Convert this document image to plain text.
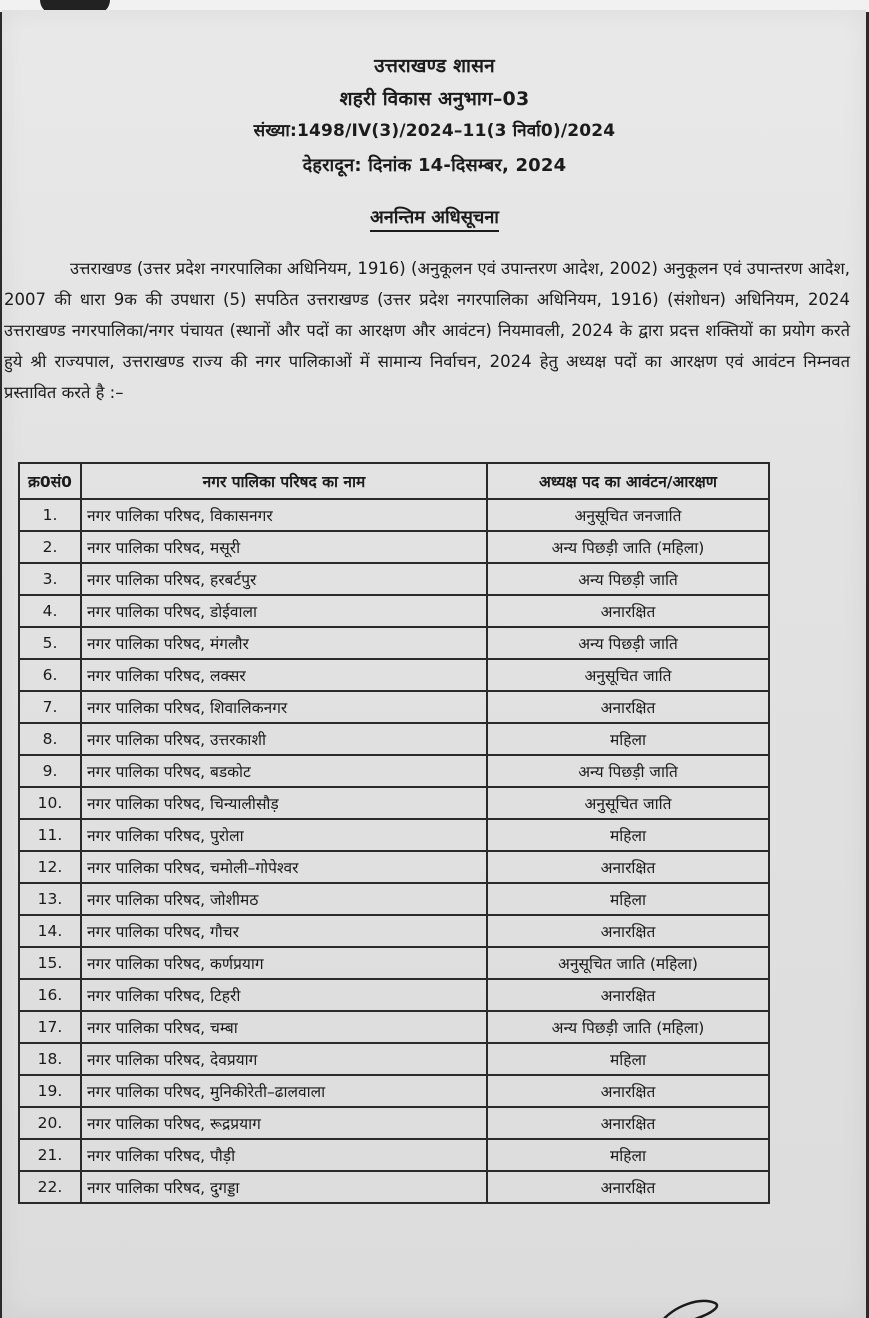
उत्तराखण्ड शासन
शहरी विकास अनुभाग–03
संख्या:1498/IV(3)/2024–11(3 निर्वा0)/2024
देहरादून: दिनांक 14-दिसम्बर, 2024
अनन्तिम अधिसूचना
उत्तराखण्ड (उत्तर प्रदेश नगरपालिका अधिनियम, 1916) (अनुकूलन एवं उपान्तरण आदेश, 2002) अनुकूलन एवं उपान्तरण आदेश, 2007 की धारा 9क की उपधारा (5) सपठित उत्तराखण्ड (उत्तर प्रदेश नगरपालिका अधिनियम, 1916) (संशोधन) अधिनियम, 2024 उत्तराखण्ड नगरपालिका/नगर पंचायत (स्थानों और पदों का आरक्षण और आवंटन) नियमावली, 2024 के द्वारा प्रदत्त शक्तियों का प्रयोग करते हुये श्री राज्यपाल, उत्तराखण्ड राज्य की नगर पालिकाओं में सामान्य निर्वाचन, 2024 हेतु अध्यक्ष पदों का आरक्षण एवं आवंटन निम्नवत प्रस्तावित करते है :–
क्र0सं0	नगर पालिका परिषद का नाम	अध्यक्ष पद का आवंटन/आरक्षण
1.	नगर पालिका परिषद, विकासनगर	अनुसूचित जनजाति
2.	नगर पालिका परिषद, मसूरी	अन्य पिछड़ी जाति (महिला)
3.	नगर पालिका परिषद, हरबर्टपुर	अन्य पिछड़ी जाति
4.	नगर पालिका परिषद, डोईवाला	अनारक्षित
5.	नगर पालिका परिषद, मंगलौर	अन्य पिछड़ी जाति
6.	नगर पालिका परिषद, लक्सर	अनुसूचित जाति
7.	नगर पालिका परिषद, शिवालिकनगर	अनारक्षित
8.	नगर पालिका परिषद, उत्तरकाशी	महिला
9.	नगर पालिका परिषद, बडकोट	अन्य पिछड़ी जाति
10.	नगर पालिका परिषद, चिन्यालीसौड़	अनुसूचित जाति
11.	नगर पालिका परिषद, पुरोला	महिला
12.	नगर पालिका परिषद, चमोली–गोपेश्वर	अनारक्षित
13.	नगर पालिका परिषद, जोशीमठ	महिला
14.	नगर पालिका परिषद, गौचर	अनारक्षित
15.	नगर पालिका परिषद, कर्णप्रयाग	अनुसूचित जाति (महिला)
16.	नगर पालिका परिषद, टिहरी	अनारक्षित
17.	नगर पालिका परिषद, चम्बा	अन्य पिछड़ी जाति (महिला)
18.	नगर पालिका परिषद, देवप्रयाग	महिला
19.	नगर पालिका परिषद, मुनिकीरेती–ढालवाला	अनारक्षित
20.	नगर पालिका परिषद, रूद्रप्रयाग	अनारक्षित
21.	नगर पालिका परिषद, पौड़ी	महिला
22.	नगर पालिका परिषद, दुगड्डा	अनारक्षित
